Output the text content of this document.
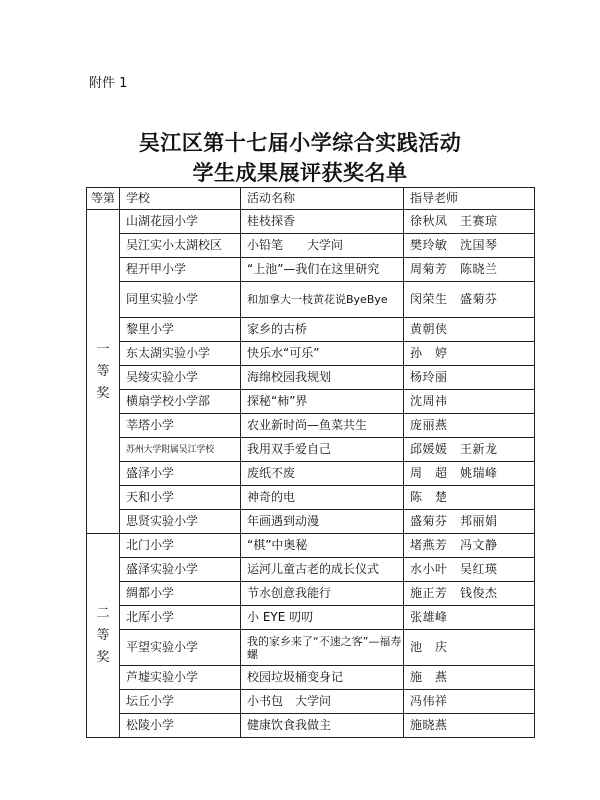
附件 1
吴江区第十七届小学综合实践活动
学生成果展评获奖名单
等第	学校	活动名称	指导老师
一等奖	山湖花园小学	桂枝探香	徐秋凤　王赛琼
	吴江实小太湖校区	小铅笔　　大学问	樊玲敏　沈国琴
	程开甲小学	“上池”—我们在这里研究	周菊芳　陈晓兰
	同里实验小学	和加拿大一枝黄花说ByeBye	闵荣生　盛菊芬
	黎里小学	家乡的古桥	黄朝侠
	东太湖实验小学	快乐水“可乐”	孙　婷
	吴绫实验小学	海绵校园我规划	杨玲丽
	横扇学校小学部	探秘“柿”界	沈周祎
	莘塔小学	农业新时尚—鱼菜共生	庞丽燕
	苏州大学附属吴江学校	我用双手爱自己	邱媛媛　王新龙
	盛泽小学	废纸不废	周　超　姚瑞峰
	天和小学	神奇的电	陈　楚
	思贤实验小学	年画遇到动漫	盛菊芬　邦丽娟
二等奖	北门小学	“棋”中奥秘	堵燕芳　冯文静
	盛泽实验小学	运河儿童古老的成长仪式	水小叶　吴红瑛
	绸都小学	节水创意我能行	施正芳　钱俊杰
	北厍小学	小 EYE 叨叨	张雄峰
	平望实验小学	我的家乡来了“不速之客”—福寿螺	池　庆
	芦墟实验小学	校园垃圾桶变身记	施　燕
	坛丘小学	小书包　大学问	冯伟祥
	松陵小学	健康饮食我做主	施晓燕
